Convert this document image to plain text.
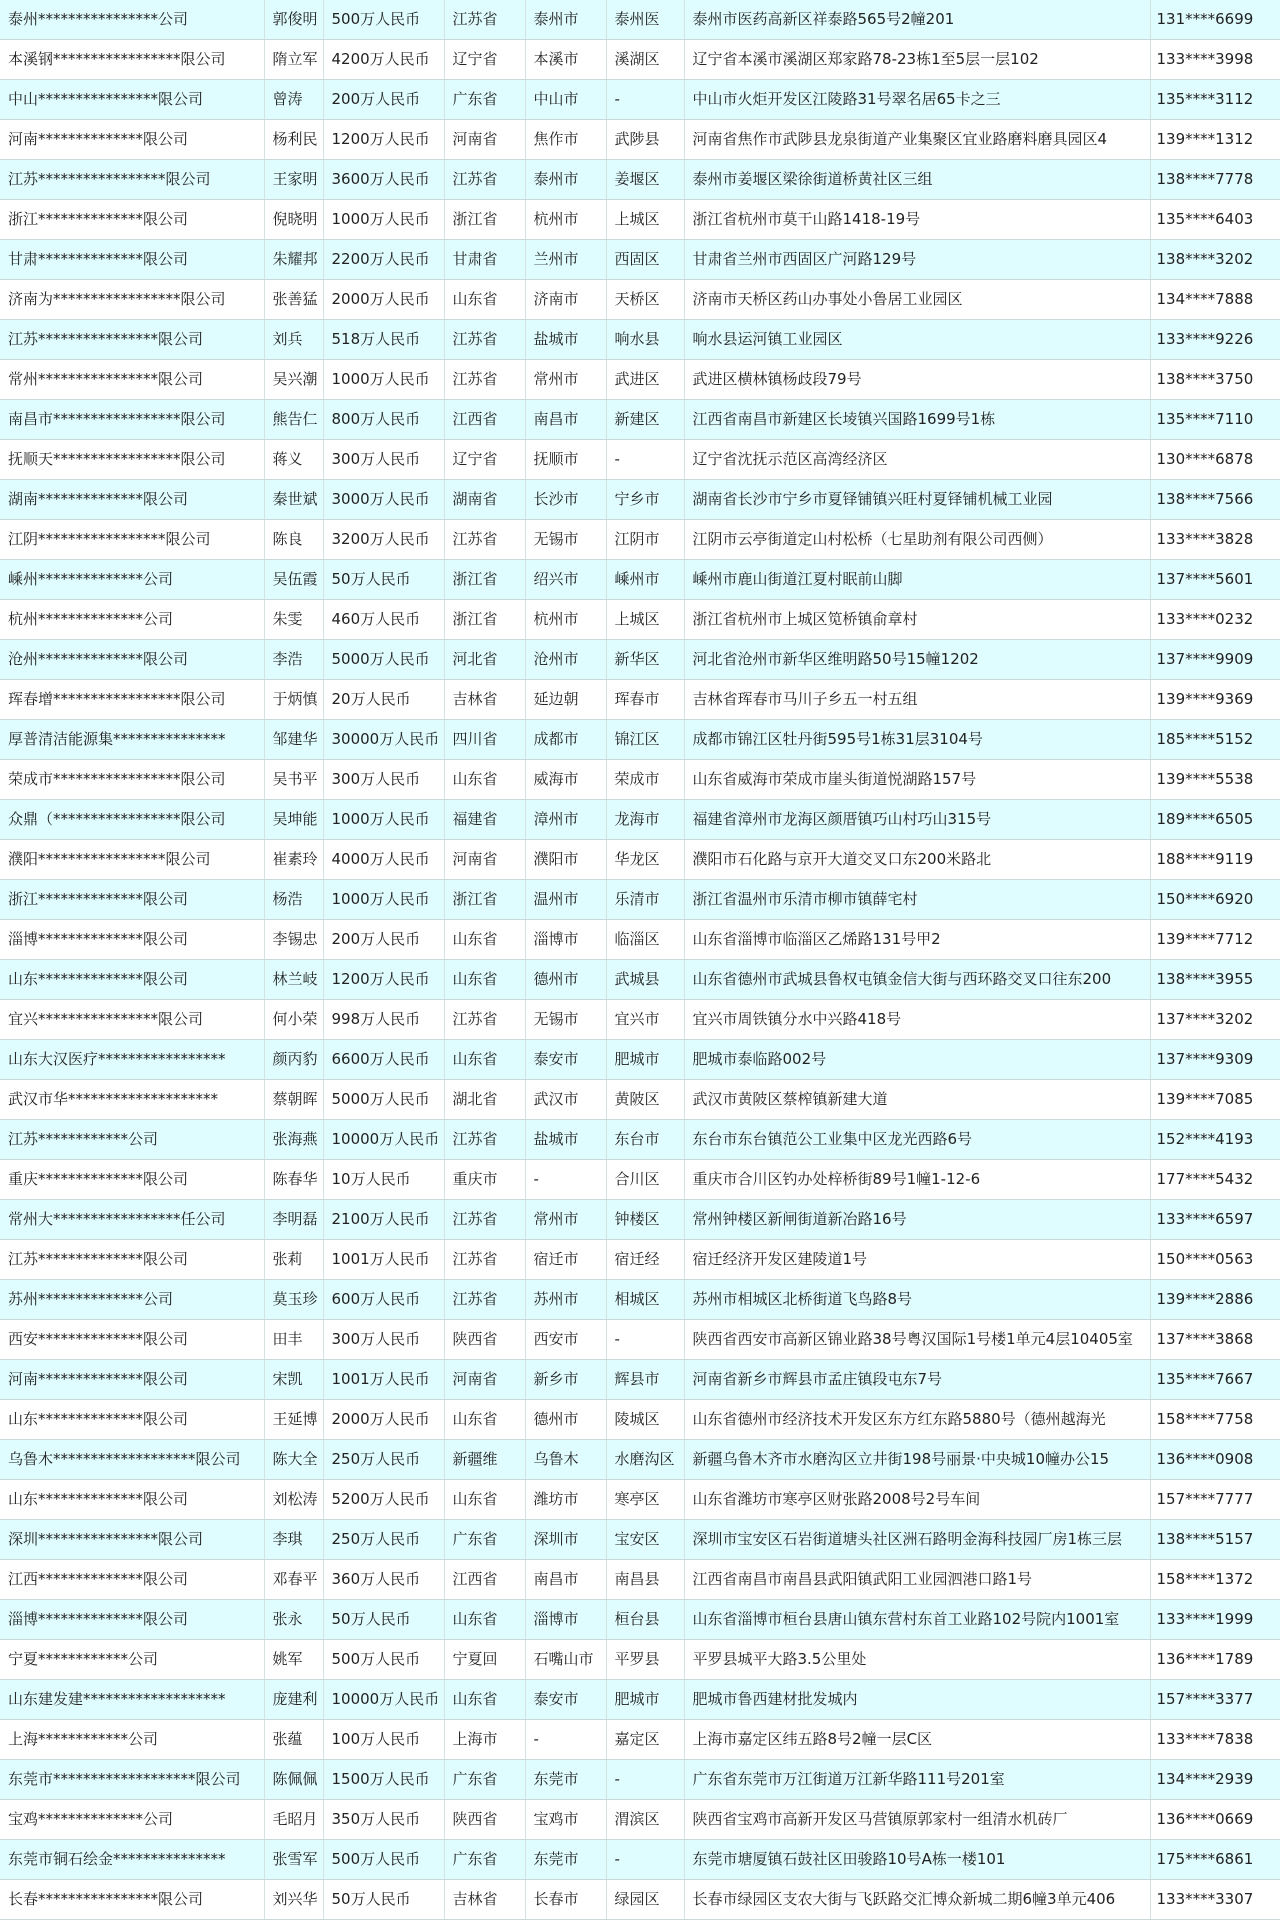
泰州****************公司	郭俊明	500万人民币	江苏省	泰州市	泰州医	泰州市医药高新区祥泰路565号2幢201	131****6699
本溪钢*****************限公司	隋立军	4200万人民币	辽宁省	本溪市	溪湖区	辽宁省本溪市溪湖区郑家路78-23栋1至5层一层102	133****3998
中山****************限公司	曾涛	200万人民币	广东省	中山市	-	中山市火炬开发区江陵路31号翠名居65卡之三	135****3112
河南**************限公司	杨利民	1200万人民币	河南省	焦作市	武陟县	河南省焦作市武陟县龙泉街道产业集聚区宜业路磨料磨具园区4	139****1312
江苏*****************限公司	王家明	3600万人民币	江苏省	泰州市	姜堰区	泰州市姜堰区梁徐街道桥黄社区三组	138****7778
浙江**************限公司	倪晓明	1000万人民币	浙江省	杭州市	上城区	浙江省杭州市莫干山路1418-19号	135****6403
甘肃**************限公司	朱耀邦	2200万人民币	甘肃省	兰州市	西固区	甘肃省兰州市西固区广河路129号	138****3202
济南为*****************限公司	张善猛	2000万人民币	山东省	济南市	天桥区	济南市天桥区药山办事处小鲁居工业园区	134****7888
江苏****************限公司	刘兵	518万人民币	江苏省	盐城市	响水县	响水县运河镇工业园区	133****9226
常州****************限公司	吴兴潮	1000万人民币	江苏省	常州市	武进区	武进区横林镇杨歧段79号	138****3750
南昌市*****************限公司	熊告仁	800万人民币	江西省	南昌市	新建区	江西省南昌市新建区长堎镇兴国路1699号1栋	135****7110
抚顺天*****************限公司	蒋义	300万人民币	辽宁省	抚顺市	-	辽宁省沈抚示范区高湾经济区	130****6878
湖南**************限公司	秦世斌	3000万人民币	湖南省	长沙市	宁乡市	湖南省长沙市宁乡市夏铎铺镇兴旺村夏铎铺机械工业园	138****7566
江阴*****************限公司	陈良	3200万人民币	江苏省	无锡市	江阴市	江阴市云亭街道定山村松桥（七星助剂有限公司西侧）	133****3828
嵊州**************公司	吴伍霞	50万人民币	浙江省	绍兴市	嵊州市	嵊州市鹿山街道江夏村眠前山脚	137****5601
杭州**************公司	朱雯	460万人民币	浙江省	杭州市	上城区	浙江省杭州市上城区笕桥镇俞章村	133****0232
沧州**************限公司	李浩	5000万人民币	河北省	沧州市	新华区	河北省沧州市新华区维明路50号15幢1202	137****9909
珲春增*****************限公司	于炳慎	20万人民币	吉林省	延边朝	珲春市	吉林省珲春市马川子乡五一村五组	139****9369
厚普清洁能源集***************	邹建华	30000万人民币	四川省	成都市	锦江区	成都市锦江区牡丹街595号1栋31层3104号	185****5152
荣成市*****************限公司	吴书平	300万人民币	山东省	威海市	荣成市	山东省威海市荣成市崖头街道悦湖路157号	139****5538
众鼎（*****************限公司	吴坤能	1000万人民币	福建省	漳州市	龙海市	福建省漳州市龙海区颜厝镇巧山村巧山315号	189****6505
濮阳*****************限公司	崔素玲	4000万人民币	河南省	濮阳市	华龙区	濮阳市石化路与京开大道交叉口东200米路北	188****9119
浙江**************限公司	杨浩	1000万人民币	浙江省	温州市	乐清市	浙江省温州市乐清市柳市镇薛宅村	150****6920
淄博**************限公司	李锡忠	200万人民币	山东省	淄博市	临淄区	山东省淄博市临淄区乙烯路131号甲2	139****7712
山东**************限公司	林兰岐	1200万人民币	山东省	德州市	武城县	山东省德州市武城县鲁权屯镇金信大街与西环路交叉口往东200	138****3955
宜兴****************限公司	何小荣	998万人民币	江苏省	无锡市	宜兴市	宜兴市周铁镇分水中兴路418号	137****3202
山东大汉医疗*****************	颜丙豹	6600万人民币	山东省	泰安市	肥城市	肥城市泰临路002号	137****9309
武汉市华********************	蔡朝晖	5000万人民币	湖北省	武汉市	黄陂区	武汉市黄陂区蔡榨镇新建大道	139****7085
江苏************公司	张海燕	10000万人民币	江苏省	盐城市	东台市	东台市东台镇范公工业集中区龙光西路6号	152****4193
重庆**************限公司	陈春华	10万人民币	重庆市	-	合川区	重庆市合川区钓办处梓桥街89号1幢1-12-6	177****5432
常州大*****************任公司	李明磊	2100万人民币	江苏省	常州市	钟楼区	常州钟楼区新闸街道新冶路16号	133****6597
江苏**************限公司	张莉	1001万人民币	江苏省	宿迁市	宿迁经	宿迁经济开发区建陵道1号	150****0563
苏州**************公司	莫玉珍	600万人民币	江苏省	苏州市	相城区	苏州市相城区北桥街道飞鸟路8号	139****2886
西安**************限公司	田丰	300万人民币	陕西省	西安市	-	陕西省西安市高新区锦业路38号粤汉国际1号楼1单元4层10405室	137****3868
河南**************限公司	宋凯	1001万人民币	河南省	新乡市	辉县市	河南省新乡市辉县市孟庄镇段屯东7号	135****7667
山东**************限公司	王延博	2000万人民币	山东省	德州市	陵城区	山东省德州市经济技术开发区东方红东路5880号（德州越海光	158****7758
乌鲁木*******************限公司	陈大全	250万人民币	新疆维	乌鲁木	水磨沟区	新疆乌鲁木齐市水磨沟区立井街198号丽景·中央城10幢办公15	136****0908
山东**************限公司	刘松涛	5200万人民币	山东省	潍坊市	寒亭区	山东省潍坊市寒亭区财张路2008号2号车间	157****7777
深圳****************限公司	李琪	250万人民币	广东省	深圳市	宝安区	深圳市宝安区石岩街道塘头社区洲石路明金海科技园厂房1栋三层	138****5157
江西**************限公司	邓春平	360万人民币	江西省	南昌市	南昌县	江西省南昌市南昌县武阳镇武阳工业园泗港口路1号	158****1372
淄博**************限公司	张永	50万人民币	山东省	淄博市	桓台县	山东省淄博市桓台县唐山镇东营村东首工业路102号院内1001室	133****1999
宁夏************公司	姚军	500万人民币	宁夏回	石嘴山市	平罗县	平罗县城平大路3.5公里处	136****1789
山东建发建*******************	庞建利	10000万人民币	山东省	泰安市	肥城市	肥城市鲁西建材批发城内	157****3377
上海************公司	张蕴	100万人民币	上海市	-	嘉定区	上海市嘉定区纬五路8号2幢一层C区	133****7838
东莞市*******************限公司	陈佩佩	1500万人民币	广东省	东莞市	-	广东省东莞市万江街道万江新华路111号201室	134****2939
宝鸡**************公司	毛昭月	350万人民币	陕西省	宝鸡市	渭滨区	陕西省宝鸡市高新开发区马营镇原郭家村一组清水机砖厂	136****0669
东莞市铜石绘金***************	张雪军	500万人民币	广东省	东莞市	-	东莞市塘厦镇石鼓社区田骏路10号A栋一楼101	175****6861
长春****************限公司	刘兴华	50万人民币	吉林省	长春市	绿园区	长春市绿园区支农大街与飞跃路交汇博众新城二期6幢3单元406	133****3307
